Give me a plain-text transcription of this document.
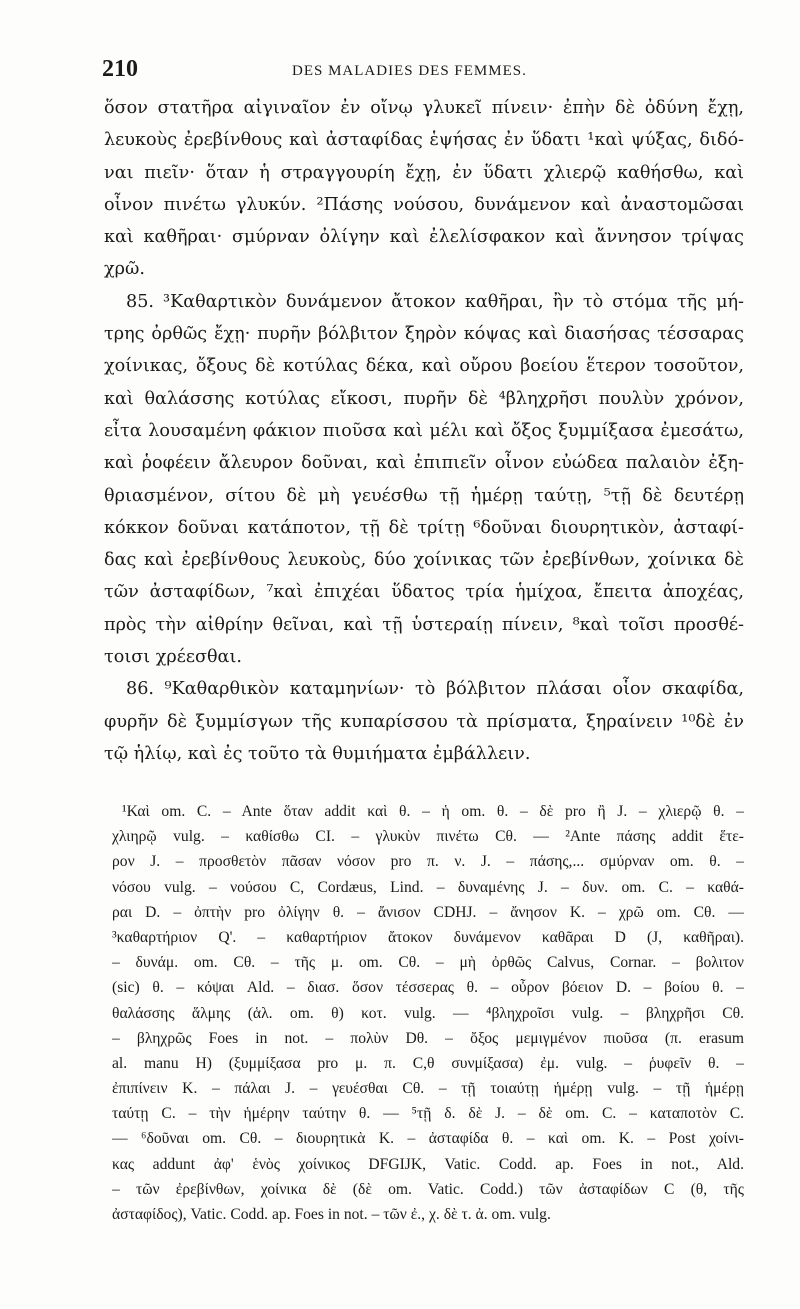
210	DES MALADIES DES FEMMES.
ὅσον στατῆρα αἰγιναῖον ἐν οἴνῳ γλυκεῖ πίνειν· ἐπὴν δὲ ὀδύνη ἔχῃ,
λευκοὺς ἐρεβίνθους καὶ ἀσταφίδας ἑψήσας ἐν ὕδατι ¹καὶ ψύξας, διδό-
ναι πιεῖν· ὅταν ἡ στραγγουρίη ἔχῃ, ἐν ὕδατι χλιερῷ καθήσθω, καὶ
οἶνον πινέτω γλυκύν. ²Πάσης νούσου, δυνάμενον καὶ ἀναστομῶσαι
καὶ καθῆραι· σμύρναν ὀλίγην καὶ ἐλελίσφακον καὶ ἄννησον τρίψας
χρῶ.
85. ³Καθαρτικὸν δυνάμενον ἄτοκον καθῆραι, ἢν τὸ στόμα τῆς μή-
τρης ὀρθῶς ἔχῃ· πυρῆν βόλβιτον ξηρὸν κόψας καὶ διασήσας τέσσαρας
χοίνικας, ὄξους δὲ κοτύλας δέκα, καὶ οὔρου βοείου ἕτερον τοσοῦτον,
καὶ θαλάσσης κοτύλας εἴκοσι, πυρῆν δὲ ⁴βληχρῆσι πουλὺν χρόνον,
εἶτα λουσαμένη φάκιον πιοῦσα καὶ μέλι καὶ ὄξος ξυμμίξασα ἐμεσάτω,
καὶ ῥοφέειν ἄλευρον δοῦναι, καὶ ἐπιπιεῖν οἶνον εὐώδεα παλαιὸν ἐξη-
θριασμένον, σίτου δὲ μὴ γευέσθω τῇ ἡμέρῃ ταύτῃ, ⁵τῇ δὲ δευτέρῃ
κόκκον δοῦναι κατάποτον, τῇ δὲ τρίτῃ ⁶δοῦναι διουρητικὸν, ἀσταφί-
δας καὶ ἐρεβίνθους λευκοὺς, δύο χοίνικας τῶν ἐρεβίνθων, χοίνικα δὲ
τῶν ἀσταφίδων, ⁷καὶ ἐπιχέαι ὕδατος τρία ἡμίχοα, ἔπειτα ἀποχέας,
πρὸς τὴν αἰθρίην θεῖναι, καὶ τῇ ὑστεραίῃ πίνειν, ⁸καὶ τοῖσι προσθέ-
τοισι χρέεσθαι.
86. ⁹Καθαρθικὸν καταμηνίων· τὸ βόλβιτον πλάσαι οἷον σκαφίδα,
φυρῆν δὲ ξυμμίσγων τῆς κυπαρίσσου τὰ πρίσματα, ξηραίνειν ¹⁰δὲ ἐν
τῷ ἡλίῳ, καὶ ἐς τοῦτο τὰ θυμιήματα ἐμβάλλειν.
¹Καὶ om. C. – Ante ὅταν addit καὶ θ. – ἡ om. θ. – δὲ pro ἢ J. – χλιερῷ θ. –
χλιηρῷ vulg. – καθίσθω CI. – γλυκὺν πινέτω Cθ. — ²Ante πάσης addit ἕτε-
ρον J. – προσθετὸν πᾶσαν νόσον pro π. ν. J. – πάσης,... σμύρναν om. θ. –
νόσου vulg. – νούσου C, Cordæus, Lind. – δυναμένης J. – δυν. om. C. – καθά-
ραι D. – ὀπτὴν pro ὀλίγην θ. – ἄνισον CDHJ. – ἄνησον K. – χρῶ om. Cθ. —
³καθαρτήριον Q'. – καθαρτήριον ἄτοκον δυνάμενον καθᾶραι D (J, καθῆραι).
– δυνάμ. om. Cθ. – τῆς μ. om. Cθ. – μὴ ὀρθῶς Calvus, Cornar. – βολιτον
(sic) θ. – κόψαι Ald. – διασ. ὅσον τέσσερας θ. – οὖρον βόειον D. – βοίου θ. –
θαλάσσης ἅλμης (ἁλ. om. θ) κοτ. vulg. — ⁴βληχροῖσι vulg. – βληχρῆσι Cθ.
– βληχρῶς Foes in not. – πολὺν Dθ. – ὄξος μεμιγμένον πιοῦσα (π. erasum
al. manu H) (ξυμμίξασα pro μ. π. C,θ συνμίξασα) ἐμ. vulg. – ῥυφεῖν θ. –
ἐπιπίνειν K. – πάλαι J. – γευέσθαι Cθ. – τῇ τοιαύτῃ ἡμέρῃ vulg. – τῇ ἡμέρῃ
ταύτῃ C. – τὴν ἡμέρην ταύτην θ. — ⁵τῇ δ. δὲ J. – δὲ om. C. – καταποτὸν C.
— ⁶δοῦναι om. Cθ. – διουρητικὰ K. – ἀσταφίδα θ. – καὶ om. K. – Post χοίνι-
κας addunt ἀφ' ἑνὸς χοίνικος DFGIJK, Vatic. Codd. ap. Foes in not., Ald.
– τῶν ἐρεβίνθων, χοίνικα δὲ (δὲ om. Vatic. Codd.) τῶν ἀσταφίδων C (θ, τῆς
ἀσταφίδος), Vatic. Codd. ap. Foes in not. – τῶν ἐ., χ. δὲ τ. ἀ. om. vulg.
